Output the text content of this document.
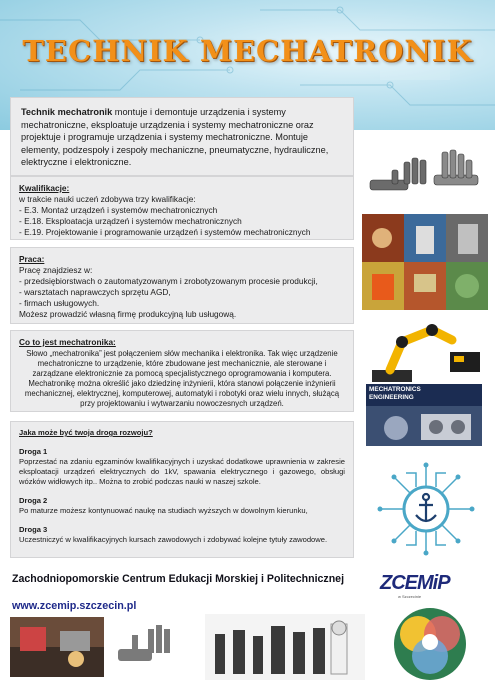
TECHNIK MECHATRONIK
Technik mechatronik montuje i demontuje urządzenia i systemy mechatroniczne, eksploatuje urządzenia i systemy mechatroniczne oraz projektuje i programuje urządzenia i systemy mechatroniczne. Montuje elementy, podzespoły i zespoły mechaniczne, pneumatyczne, hydrauliczne, elektryczne i elektroniczne.
Kwalifikacje:
w trakcie nauki uczeń zdobywa trzy kwalifikacje:
- E.3. Montaż urządzeń i systemów mechatronicznych
- E.18. Eksploatacja urządzeń i systemów mechatronicznych
- E.19. Projektowanie i programowanie urządzeń i systemów mechatronicznych
Praca:
Pracę znajdziesz w:
- przedsiębiorstwach o zautomatyzowanym i zrobotyzowanym procesie produkcji,
- warsztatach naprawczych sprzętu AGD,
- firmach usługowych.
Możesz prowadzić własną firmę produkcyjną lub usługową.
Co to jest mechatronika:
Słowo „mechatronika” jest połączeniem słów mechanika i elektronika. Tak więc urządzenie mechatroniczne to urządzenie, które zbudowane jest mechanicznie, ale sterowane i zarządzane elektronicznie za pomocą specjalistycznego oprogramowania i komputera. Mechatronikę można określić jako dziedzinę inżynierii, która stanowi połączenie inżynierii mechanicznej, elektrycznej, komputerowej, automatyki i robotyki oraz wielu innych, służącą przy projektowaniu i wytwarzaniu nowoczesnych urządzeń.
Jaka może być twoja droga rozwoju?
Droga 1

Poprzestać na zdaniu egzaminów kwalifikacyjnych i uzyskać dodatkowe uprawnienia w zakresie eksploatacji urządzeń elektrycznych do 1kV, spawania elektrycznego i gazowego, obsługi wózków widłowych itp.. Można to zrobić podczas nauki w naszej szkole.

Droga 2

Po maturze możesz kontynuować naukę na studiach wyższych w dowolnym kierunku,

Droga 3

Uczestniczyć w kwalifikacyjnych kursach zawodowych i zdobywać kolejne tytuły zawodowe.

MECHATRONICS ENGINEERING
Zachodniopomorskie Centrum Edukacji Morskiej i Politechnicznej
www.zcemip.szczecin.pl
ZCEMiP
w Szczecinie
